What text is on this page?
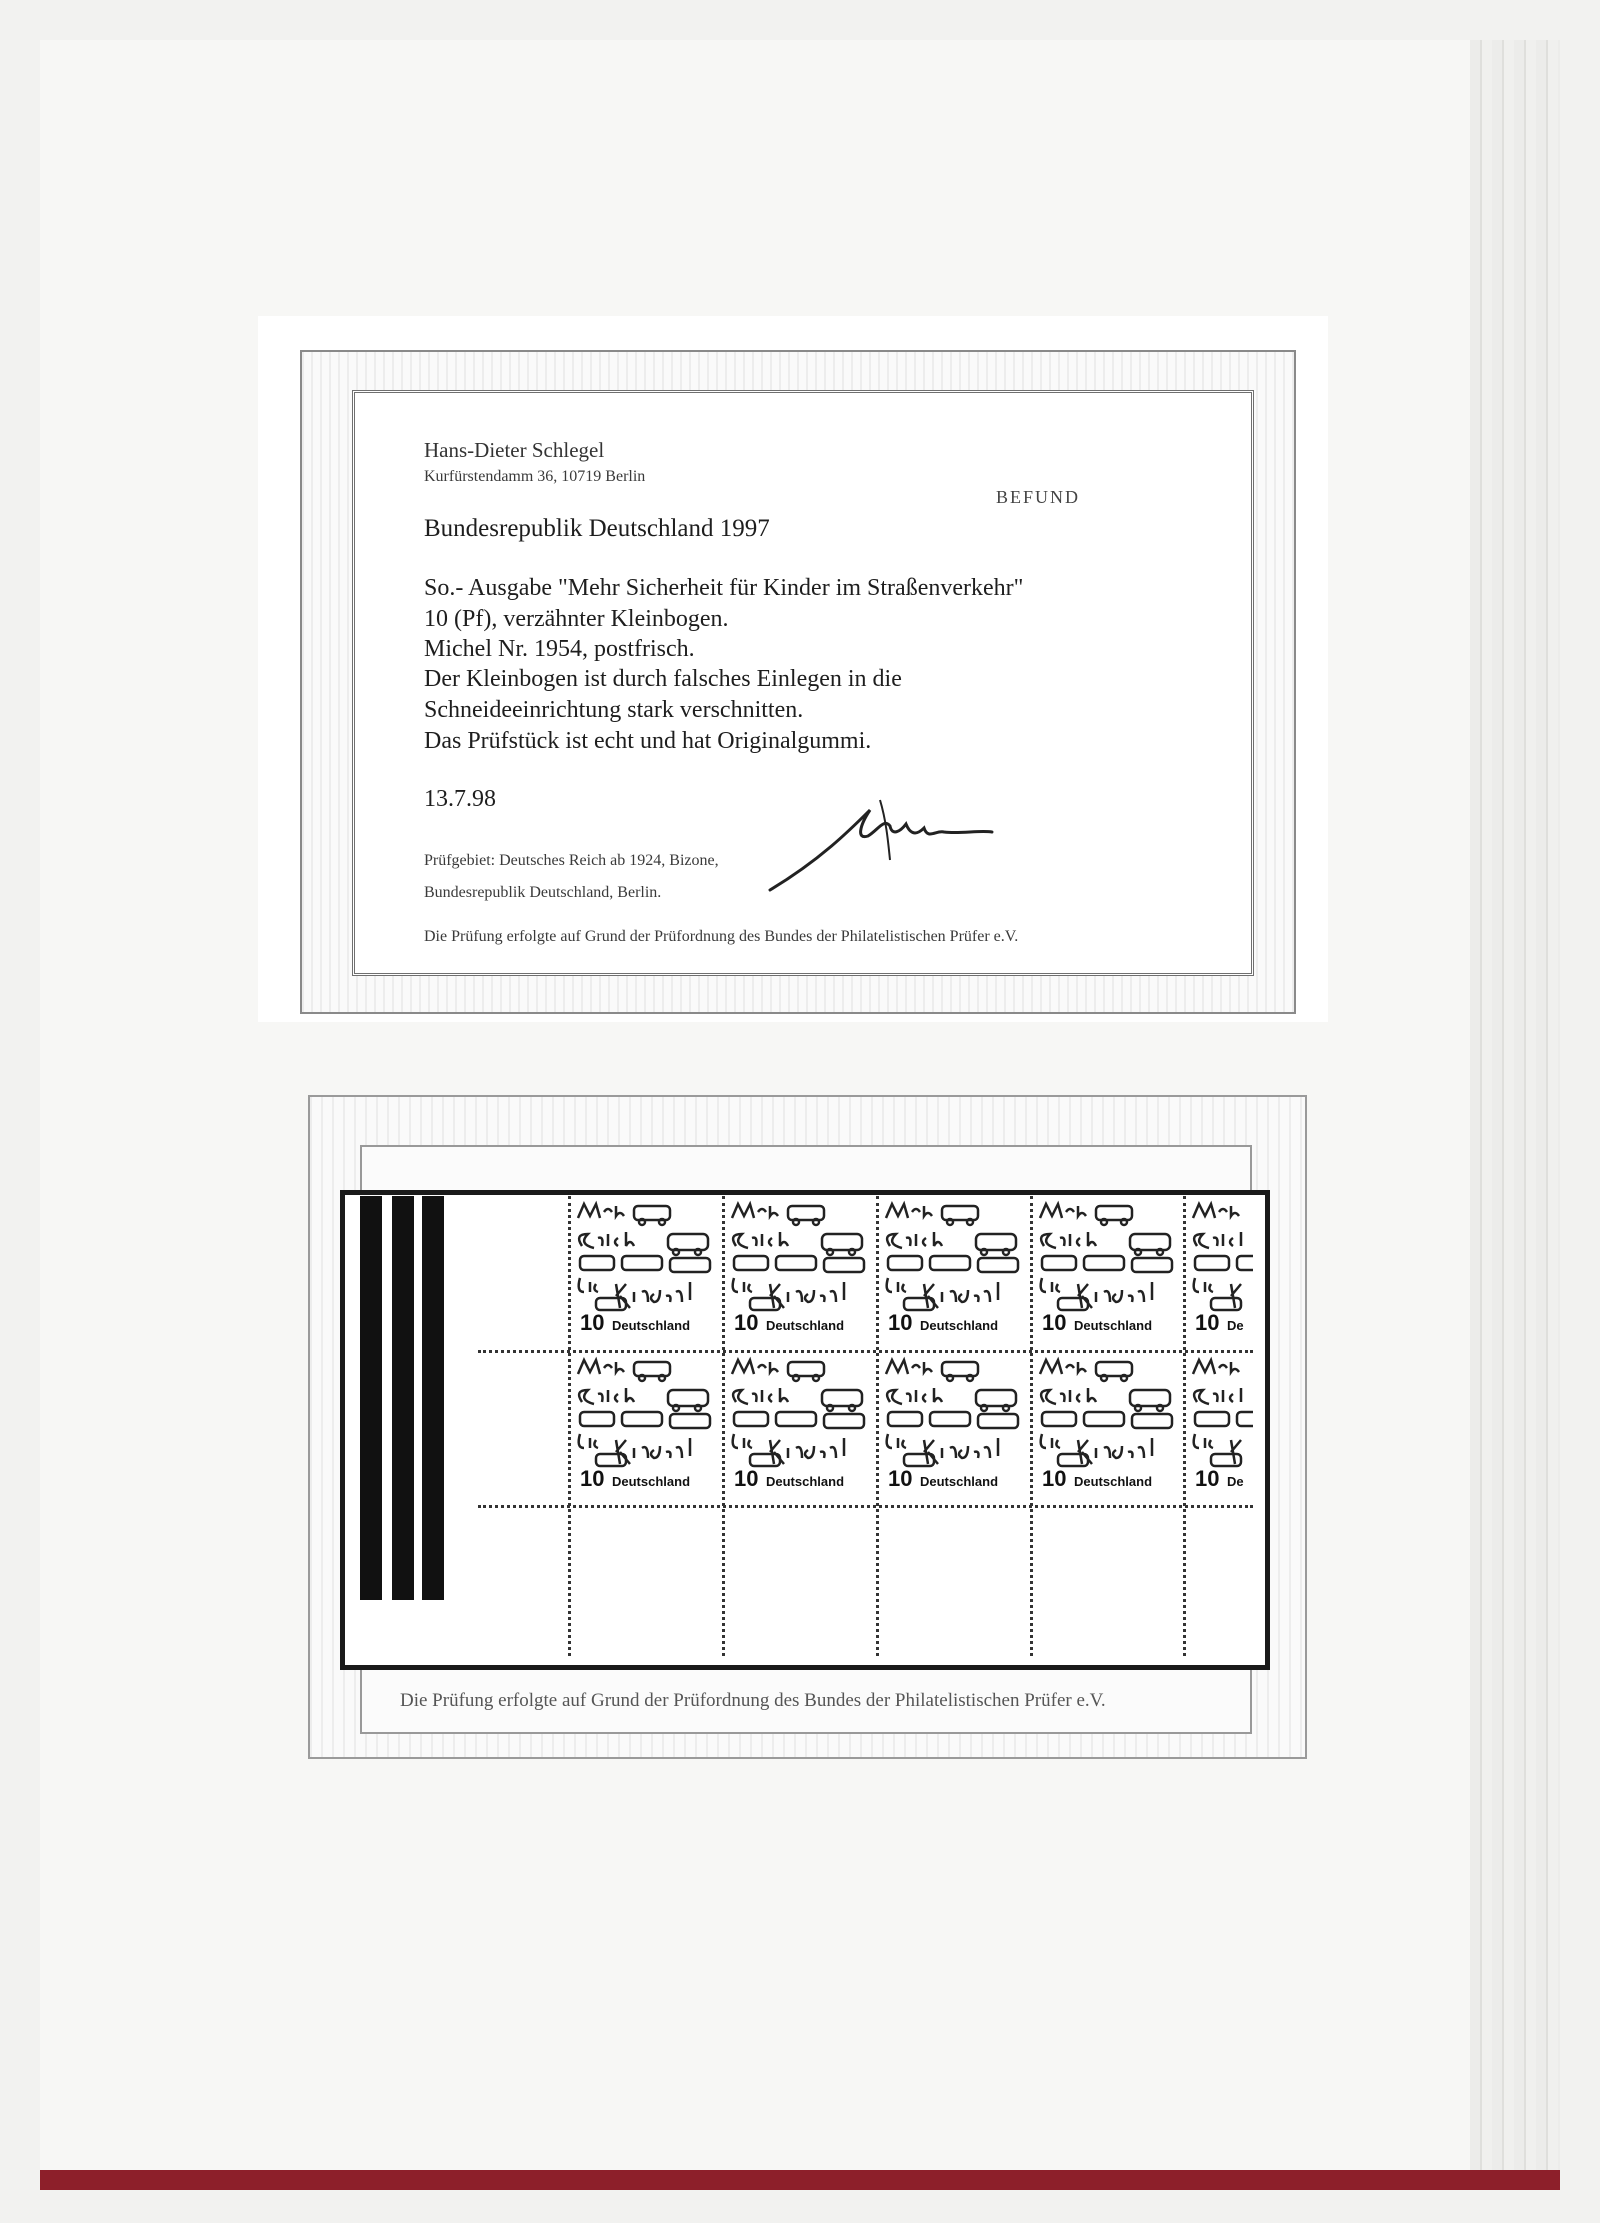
Hans-Dieter Schlegel
Kurfürstendamm 36, 10719 Berlin
BEFUND
Bundesrepublik Deutschland 1997
So.- Ausgabe "Mehr Sicherheit für Kinder im Straßenverkehr"
10 (Pf), verzähnter Kleinbogen.
Michel Nr. 1954, postfrisch.
Der Kleinbogen ist durch falsches Einlegen in die
Schneideeinrichtung stark verschnitten.
Das Prüfstück ist echt und hat Originalgummi.
13.7.98
Prüfgebiet: Deutsches Reich ab 1924, Bizone,
Bundesrepublik Deutschland, Berlin.
Die Prüfung erfolgte auf Grund der Prüfordnung des Bundes der Philatelistischen Prüfer e.V.
10 Deutschland 10 Deutschland 10 Deutschland 10 Deutschland 10 De
10 Deutschland 10 Deutschland 10 Deutschland 10 Deutschland 10 De
Die Prüfung erfolgte auf Grund der Prüfordnung des Bundes der Philatelistischen Prüfer e.V.
